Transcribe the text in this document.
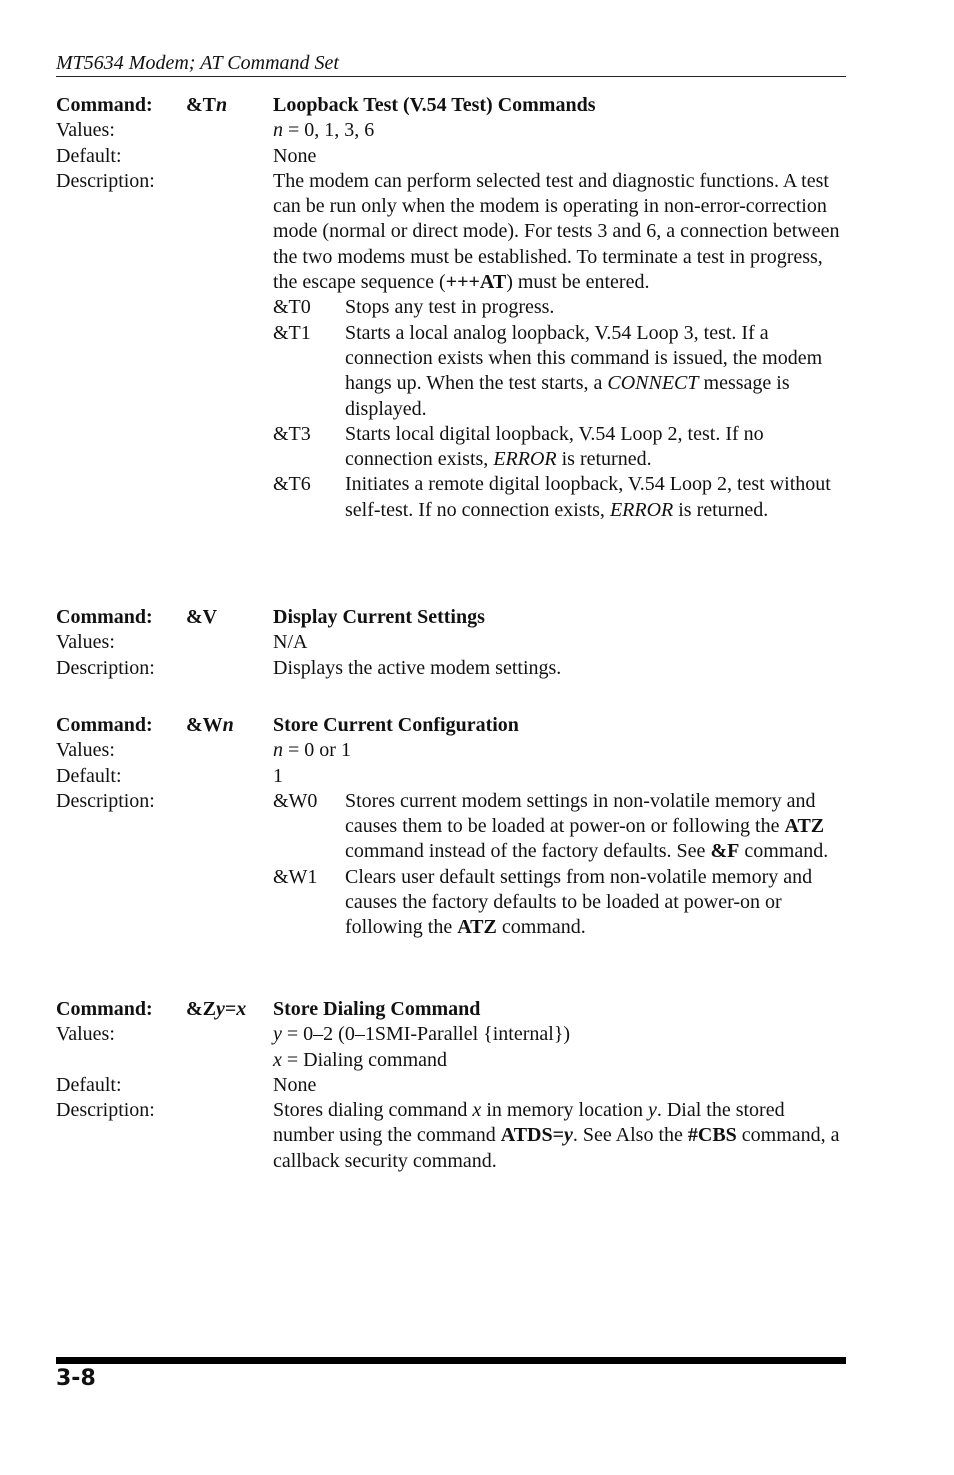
MT5634 Modem; AT Command Set
Command: &Tn Loopback Test (V.54 Test) Commands
Values:	n = 0, 1, 3, 6
Default:	None
Description:	The modem can perform selected test and diagnostic functions. A test can be run only when the modem is operating in non-error-correction mode (normal or direct mode). For tests 3 and 6, a connection between the two modems must be established. To terminate a test in progress, the escape sequence (+++AT) must be entered.
&T0 Stops any test in progress.
&T1 Starts a local analog loopback, V.54 Loop 3, test. If a connection exists when this command is issued, the modem hangs up. When the test starts, a CONNECT message is displayed.
&T3 Starts local digital loopback, V.54 Loop 2, test. If no connection exists, ERROR is returned.
&T6 Initiates a remote digital loopback, V.54 Loop 2, test without self-test. If no connection exists, ERROR is returned.
Command: &V	Display Current Settings
Values:	N/A
Description:	Displays the active modem settings.
Command: &Wn Store Current Configuration
Values:	n = 0 or 1
Default:	1
Description:	&W0 Stores current modem settings in non-volatile memory and causes them to be loaded at power-on or following the ATZ command instead of the factory defaults. See &F command.
&W1 Clears user default settings from non-volatile memory and causes the factory defaults to be loaded at power-on or following the ATZ command.
Command: &Zy=x Store Dialing Command
Values:	y = 0–2 (0–1SMI-Parallel {internal})
x = Dialing command
Default:	None
Description:	Stores dialing command x in memory location y. Dial the stored number using the command ATDS=y. See Also the #CBS command, a callback security command.
3-8
